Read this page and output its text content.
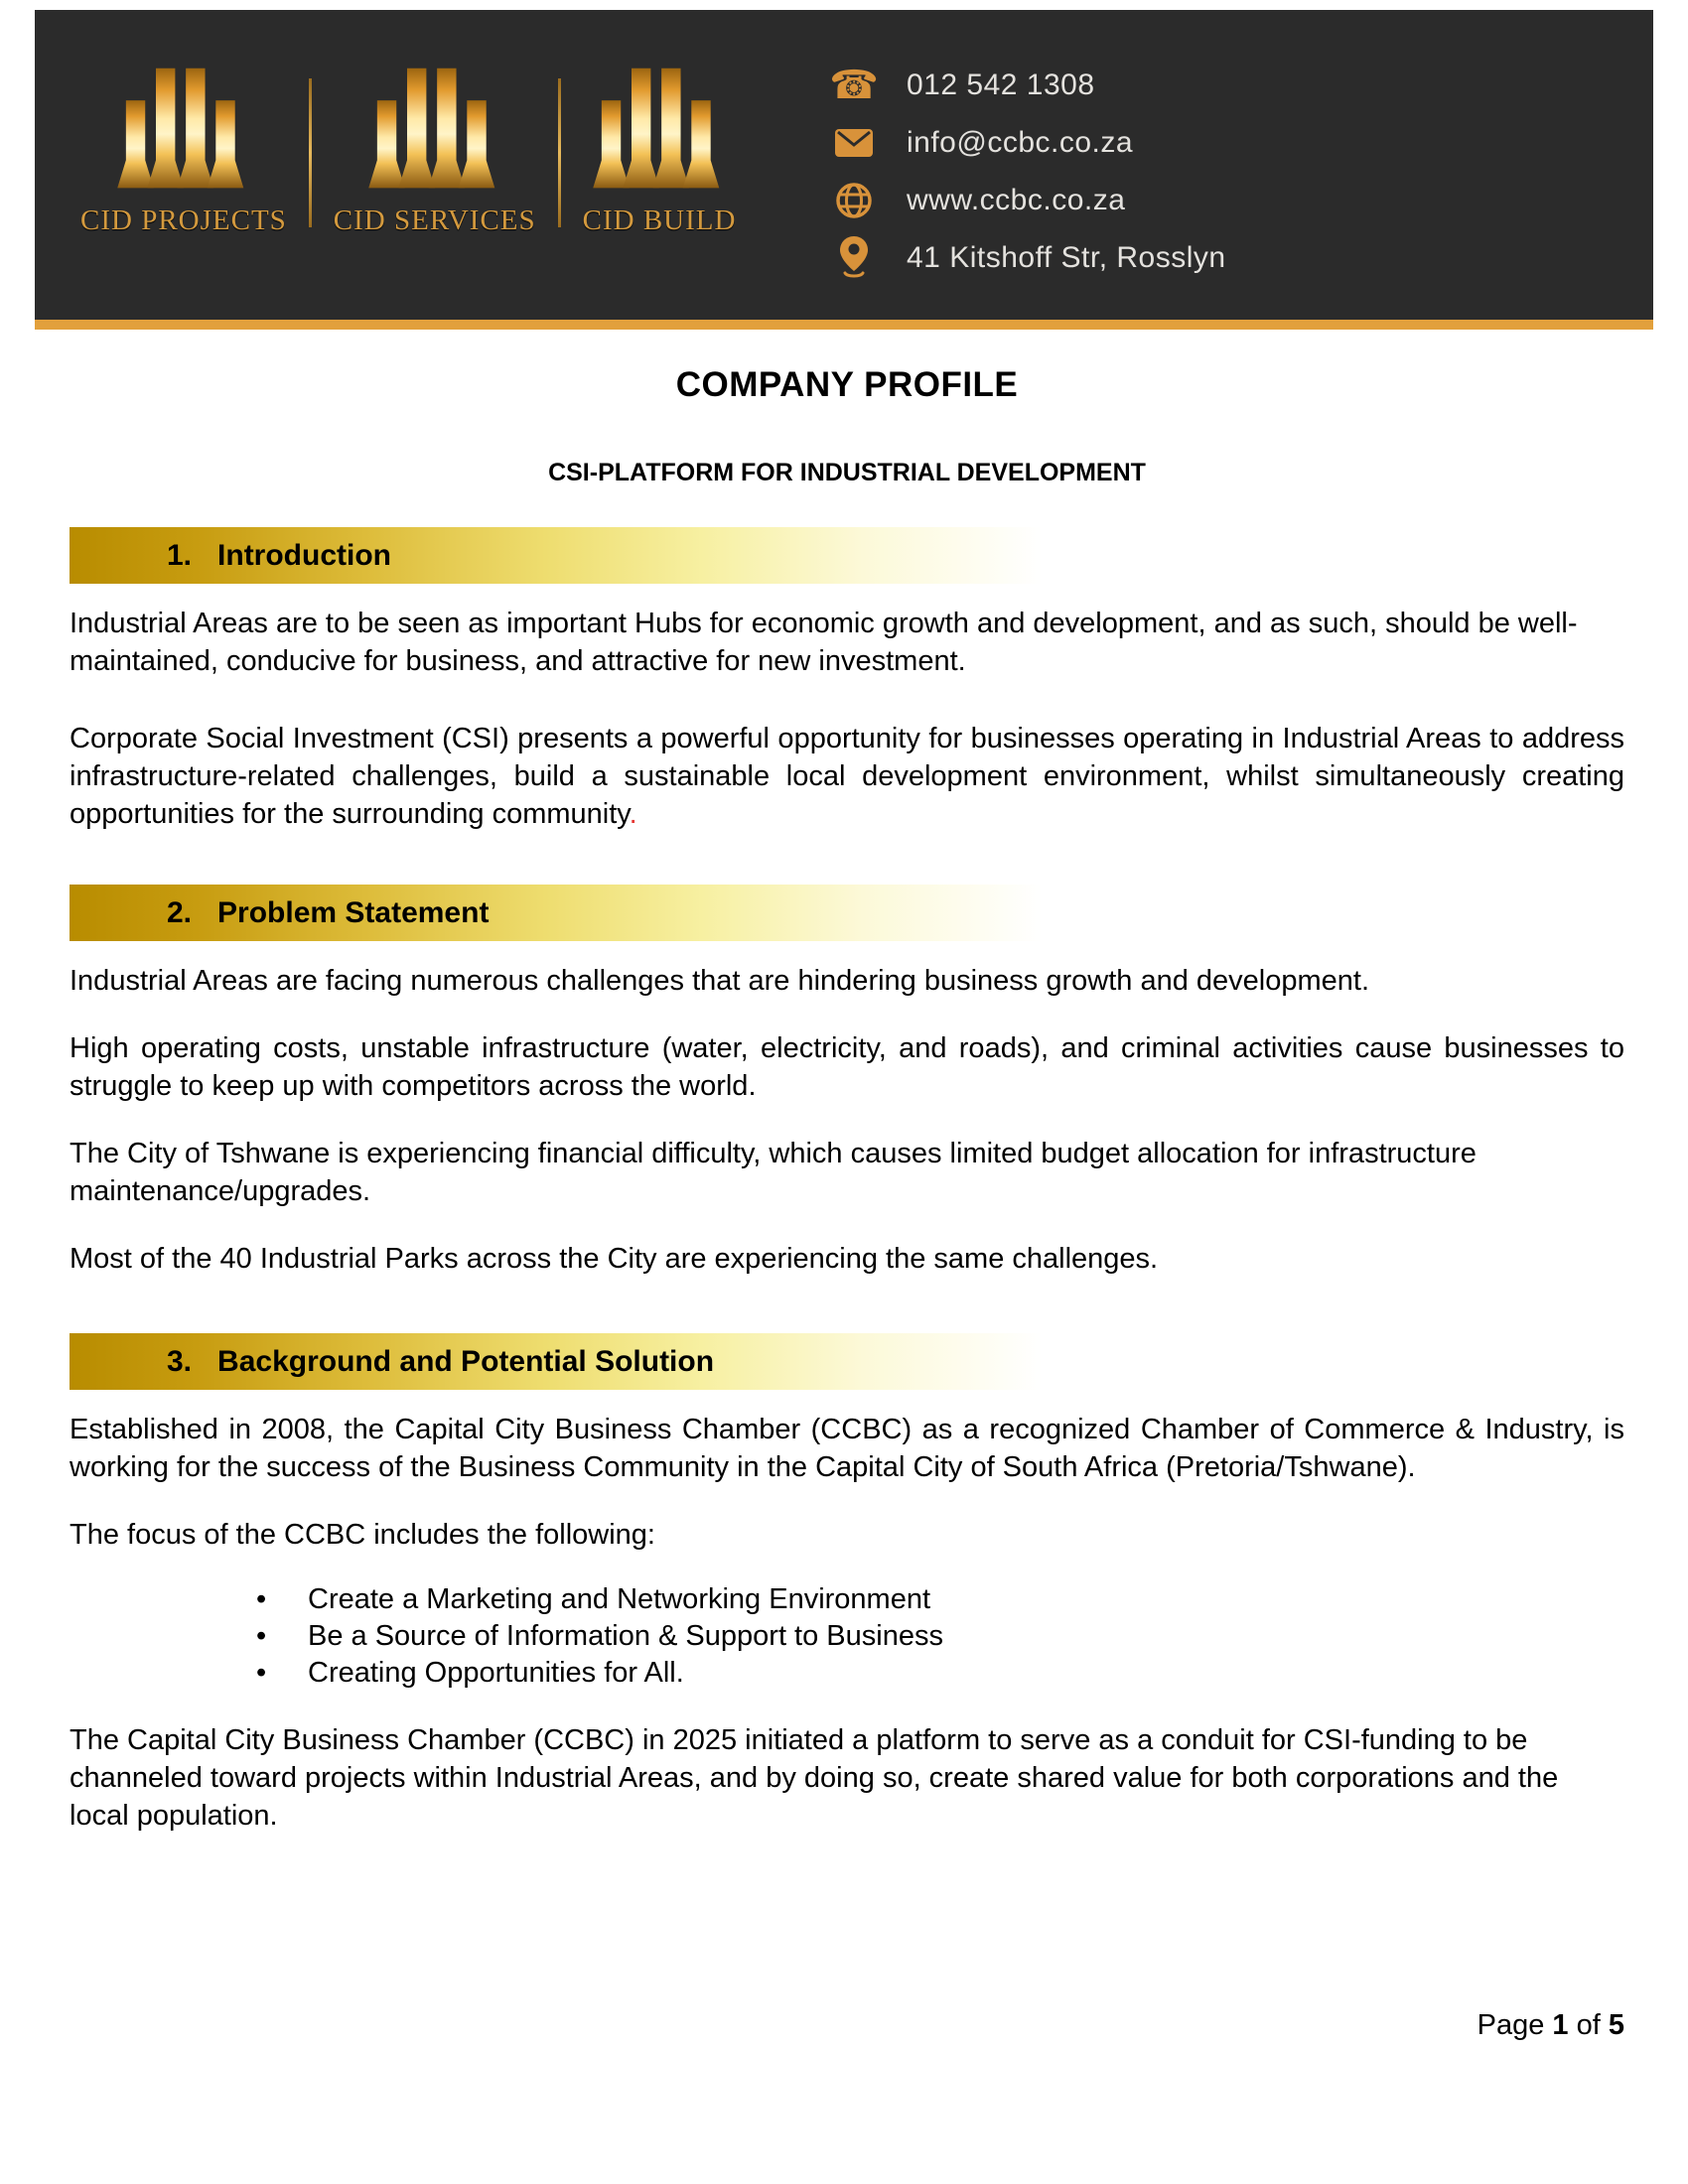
CID PROJECTS CID SERVICES CID BUILD
☎ 012 542 1308
info@ccbc.co.za
www.ccbc.co.za
41 Kitshoff Str, Rosslyn
COMPANY PROFILE
CSI-PLATFORM FOR INDUSTRIAL DEVELOPMENT
1. Introduction

Industrial Areas are to be seen as important Hubs for economic growth and development, and as such, should be well-maintained, conducive for business, and attractive for new investment.

Corporate Social Investment (CSI) presents a powerful opportunity for businesses operating in Industrial Areas to address infrastructure-related challenges, build a sustainable local development environment, whilst simultaneously creating opportunities for the surrounding community.

2. Problem Statement

Industrial Areas are facing numerous challenges that are hindering business growth and development.

High operating costs, unstable infrastructure (water, electricity, and roads), and criminal activities cause businesses to struggle to keep up with competitors across the world.

The City of Tshwane is experiencing financial difficulty, which causes limited budget allocation for infrastructure maintenance/upgrades.

Most of the 40 Industrial Parks across the City are experiencing the same challenges.

3. Background and Potential Solution

Established in 2008, the Capital City Business Chamber (CCBC) as a recognized Chamber of Commerce & Industry, is working for the success of the Business Community in the Capital City of South Africa (Pretoria/Tshwane).

The focus of the CCBC includes the following:

• Create a Marketing and Networking Environment
• Be a Source of Information & Support to Business
• Creating Opportunities for All.

The Capital City Business Chamber (CCBC) in 2025 initiated a platform to serve as a conduit for CSI-funding to be channeled toward projects within Industrial Areas, and by doing so, create shared value for both corporations and the local population.

Page 1 of 5
